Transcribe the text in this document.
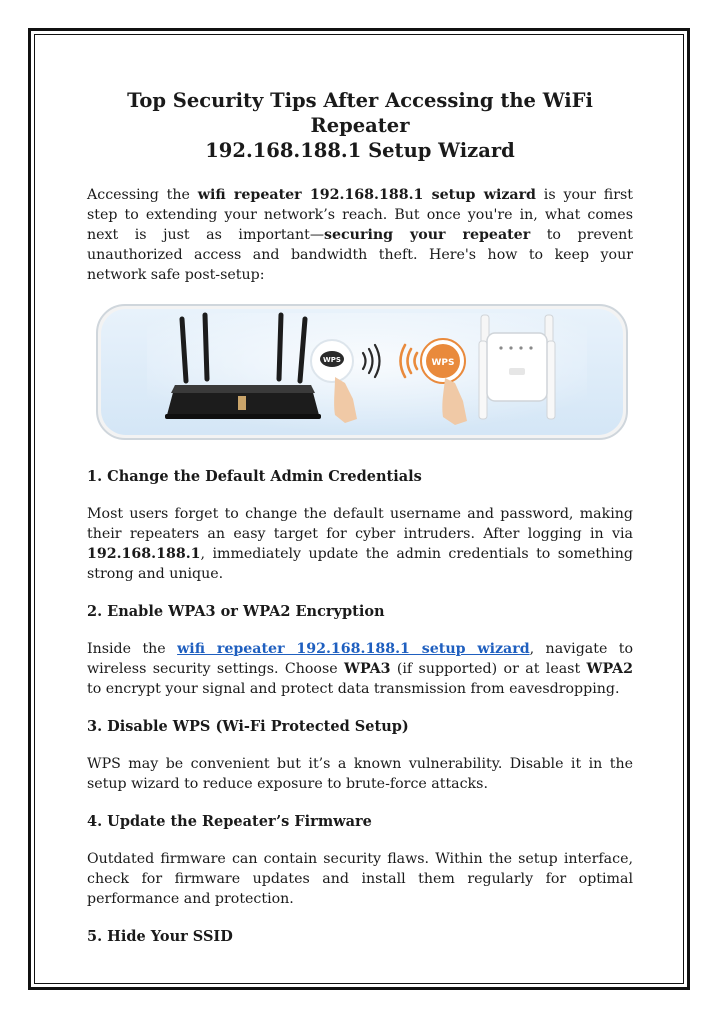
Top Security Tips After Accessing the WiFi Repeater
192.168.188.1 Setup Wizard

Accessing the wifi repeater 192.168.188.1 setup wizard is your first step to extending your network’s reach. But once you're in, what comes next is just as important—securing your repeater to prevent unauthorized access and bandwidth theft. Here's how to keep your network safe post-setup:

WPS	WPS
1. Change the Default Admin Credentials

Most users forget to change the default username and password, making their repeaters an easy target for cyber intruders. After logging in via 192.168.188.1, immediately update the admin credentials to something strong and unique.

2. Enable WPA3 or WPA2 Encryption

Inside the wifi repeater 192.168.188.1 setup wizard, navigate to wireless security settings. Choose WPA3 (if supported) or at least WPA2 to encrypt your signal and protect data transmission from eavesdropping.

3. Disable WPS (Wi-Fi Protected Setup)

WPS may be convenient but it’s a known vulnerability. Disable it in the setup wizard to reduce exposure to brute-force attacks.

4. Update the Repeater’s Firmware

Outdated firmware can contain security flaws. Within the setup interface, check for firmware updates and install them regularly for optimal performance and protection.

5. Hide Your SSID
